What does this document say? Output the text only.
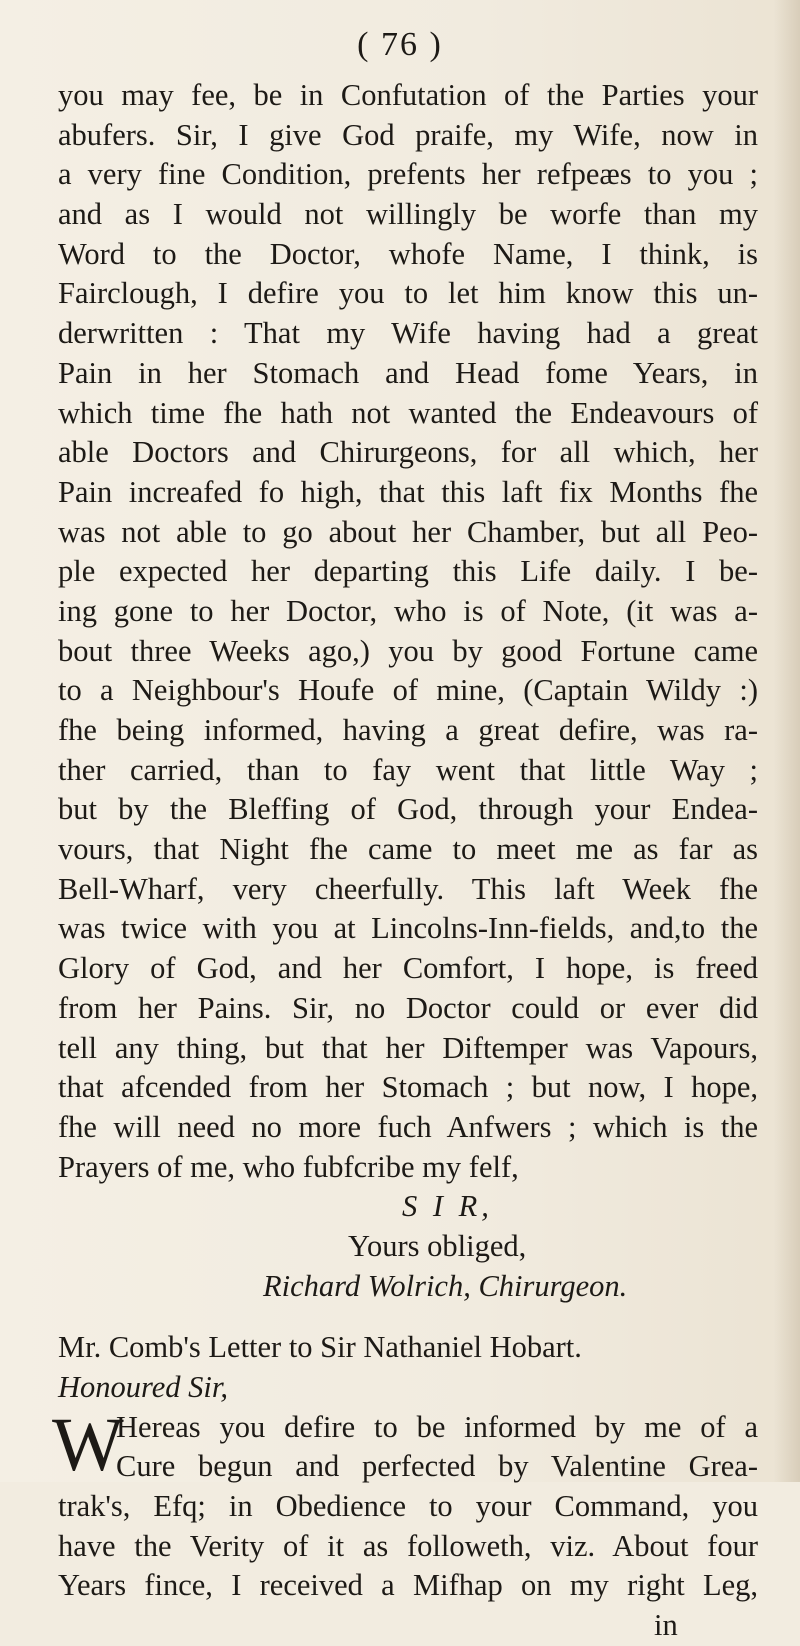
( 76 )
you may fee, be in Confutation of the Parties your
abufers. Sir, I give God praife, my Wife, now in
a very fine Condition, prefents her refpeæs to you ;
and as I would not willingly be worfe than my
Word to the Doctor, whofe Name, I think, is
Fairclough, I defire you to let him know this un-
derwritten : That my Wife having had a great
Pain in her Stomach and Head fome Years, in
which time fhe hath not wanted the Endeavours of
able Doctors and Chirurgeons, for all which, her
Pain increafed fo high, that this laft fix Months fhe
was not able to go about her Chamber, but all Peo-
ple expected her departing this Life daily. I be-
ing gone to her Doctor, who is of Note, (it was a-
bout three Weeks ago,) you by good Fortune came
to a Neighbour's Houfe of mine, (Captain Wildy :)
fhe being informed, having a great defire, was ra-
ther carried, than to fay went that little Way ;
but by the Bleffing of God, through your Endea-
vours, that Night fhe came to meet me as far as
Bell-Wharf, very cheerfully. This laft Week fhe
was twice with you at Lincolns-Inn-fields, and,to the
Glory of God, and her Comfort, I hope, is freed
from her Pains. Sir, no Doctor could or ever did
tell any thing, but that her Diftemper was Vapours,
that afcended from her Stomach ; but now, I hope,
fhe will need no more fuch Anfwers ; which is the
Prayers of me, who fubfcribe my felf,
S I R,
Yours obliged,
Richard Wolrich, Chirurgeon.
Mr. Comb's Letter to Sir Nathaniel Hobart.
Honoured Sir,
W
Hereas you defire to be informed by me of a
Cure begun and perfected by Valentine Grea-
trak's, Efq; in Obedience to your Command, you
have the Verity of it as followeth, viz. About four
Years fince, I received a Mifhap on my right Leg,
in
